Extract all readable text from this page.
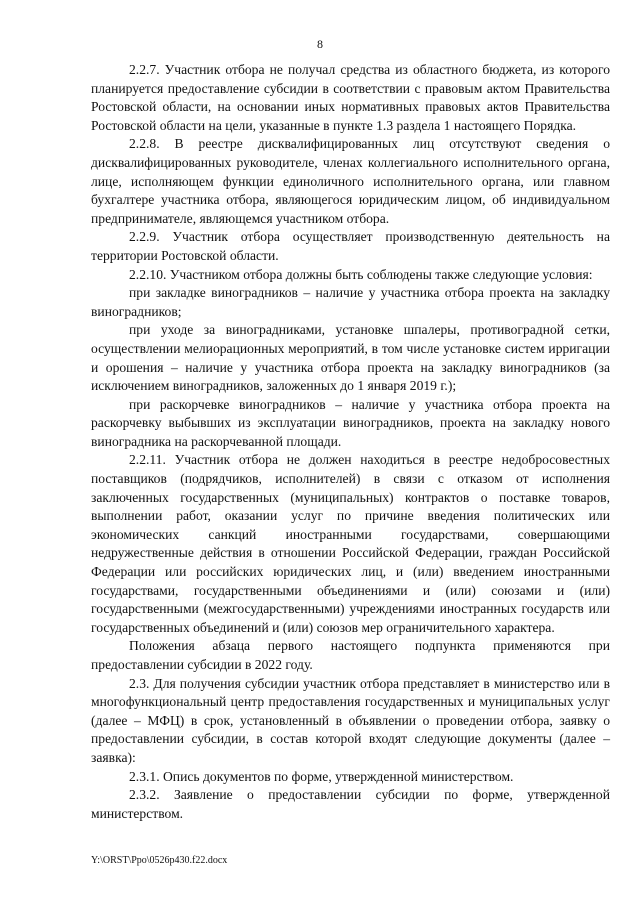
8

2.2.7. Участник отбора не получал средства из областного бюджета, из которого планируется предоставление субсидии в соответствии с правовым актом Правительства Ростовской области, на основании иных нормативных правовых актов Правительства Ростовской области на цели, указанные в пункте 1.3 раздела 1 настоящего Порядка.

2.2.8. В реестре дисквалифицированных лиц отсутствуют сведения о дисквалифицированных руководителе, членах коллегиального исполнительного органа, лице, исполняющем функции единоличного исполнительного органа, или главном бухгалтере участника отбора, являющегося юридическим лицом, об индивидуальном предпринимателе, являющемся участником отбора.

2.2.9. Участник отбора осуществляет производственную деятельность на территории Ростовской области.

2.2.10. Участником отбора должны быть соблюдены также следующие условия:

при закладке виноградников – наличие у участника отбора проекта на закладку виноградников;

при уходе за виноградниками, установке шпалеры, противоградной сетки, осуществлении мелиорационных мероприятий, в том числе установке систем ирригации и орошения – наличие у участника отбора проекта на закладку виноградников (за исключением виноградников, заложенных до 1 января 2019 г.);

при раскорчевке виноградников – наличие у участника отбора проекта на раскорчевку выбывших из эксплуатации виноградников, проекта на закладку нового виноградника на раскорчеванной площади.

2.2.11. Участник отбора не должен находиться в реестре недобросовестных поставщиков (подрядчиков, исполнителей) в связи с отказом от исполнения заключенных государственных (муниципальных) контрактов о поставке товаров, выполнении работ, оказании услуг по причине введения политических или экономических санкций иностранными государствами, совершающими недружественные действия в отношении Российской Федерации, граждан Российской Федерации или российских юридических лиц, и (или) введением иностранными государствами, государственными объединениями и (или) союзами и (или) государственными (межгосударственными) учреждениями иностранных государств или государственных объединений и (или) союзов мер ограничительного характера.

Положения абзаца первого настоящего подпункта применяются при предоставлении субсидии в 2022 году.

2.3. Для получения субсидии участник отбора представляет в министерство или в многофункциональный центр предоставления государственных и муниципальных услуг (далее – МФЦ) в срок, установленный в объявлении о проведении отбора, заявку о предоставлении субсидии, в состав которой входят следующие документы (далее – заявка):

2.3.1. Опись документов по форме, утвержденной министерством.

2.3.2. Заявление о предоставлении субсидии по форме, утвержденной министерством.

Y:\ORST\Ppo\0526p430.f22.docx
